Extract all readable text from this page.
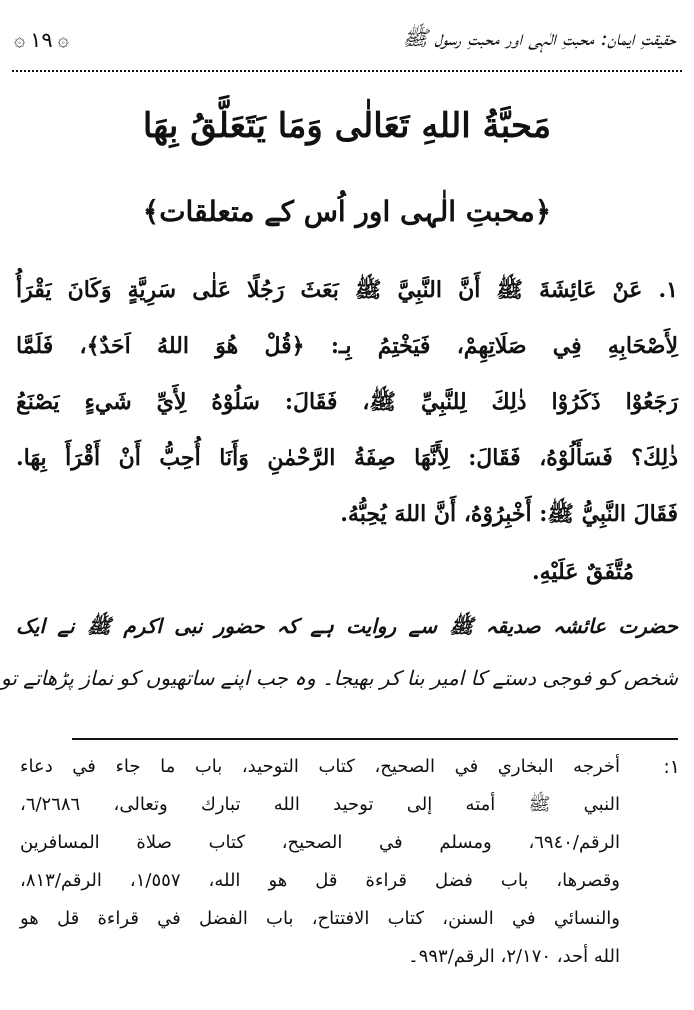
حقیقتِ ایمان: محبتِ الٰہی اور محبتِ رسول ﷺ
۞ ۱۹ ۞
مَحبَّةُ اللهِ تَعَالٰى وَمَا يَتَعَلَّقُ بِهَا
﴿محبتِ الٰہی اور اُس کے متعلقات﴾
١. عَنْ عَائِشَةَ ﷺ أَنَّ النَّبِيَّ ﷺ بَعَثَ رَجُلًا عَلٰى سَرِيَّةٍ وَكَانَ يَقْرَأُ
لِأَصْحَابِهِ فِي صَلَاتِهِمْ، فَيَخْتِمُ بِـ: ﴿قُلْ هُوَ اللهُ اَحَدٌ﴾، فَلَمَّا
رَجَعُوْا ذَكَرُوْا ذٰلِكَ لِلنَّبِيِّ ﷺ، فَقَالَ: سَلُوْهُ لِأَيِّ شَيءٍ يَصْنَعُ
ذٰلِكَ؟ فَسَأَلُوْهُ، فَقَالَ: لِأَنَّهَا صِفَةُ الرَّحْمٰنِ وَأَنَا أُحِبُّ أَنْ أَقْرَأَ بِهَا.
فَقَالَ النَّبِيُّ ﷺ: أَخْبِرُوْهُ، أَنَّ اللهَ يُحِبُّهُ.
مُتَّفَقٌ عَلَيْهِ.
حضرت عائشہ صدیقہ ﷺ سے روایت ہے کہ حضور نبی اکرم ﷺ نے ایک
شخص کو فوجی دستے کا امیر بنا کر بھیجا۔ وہ جب اپنے ساتھیوں کو نماز پڑھاتے تو
١:
أخرجه البخاري في الصحيح، كتاب التوحيد، باب ما جاء في دعاء
النبي ﷺ أمته إلى توحيد الله تبارك وتعالى، ٦/٢٦٨٦،
الرقم/٦٩٤٠، ومسلم في الصحيح، كتاب صلاة المسافرين
وقصرها، باب فضل قراءة قل هو الله، ١/٥٥٧، الرقم/٨١٣،
والنسائي في السنن، كتاب الافتتاح، باب الفضل في قراءة قل هو
الله أحد، ٢/١٧٠، الرقم/٩٩٣۔
